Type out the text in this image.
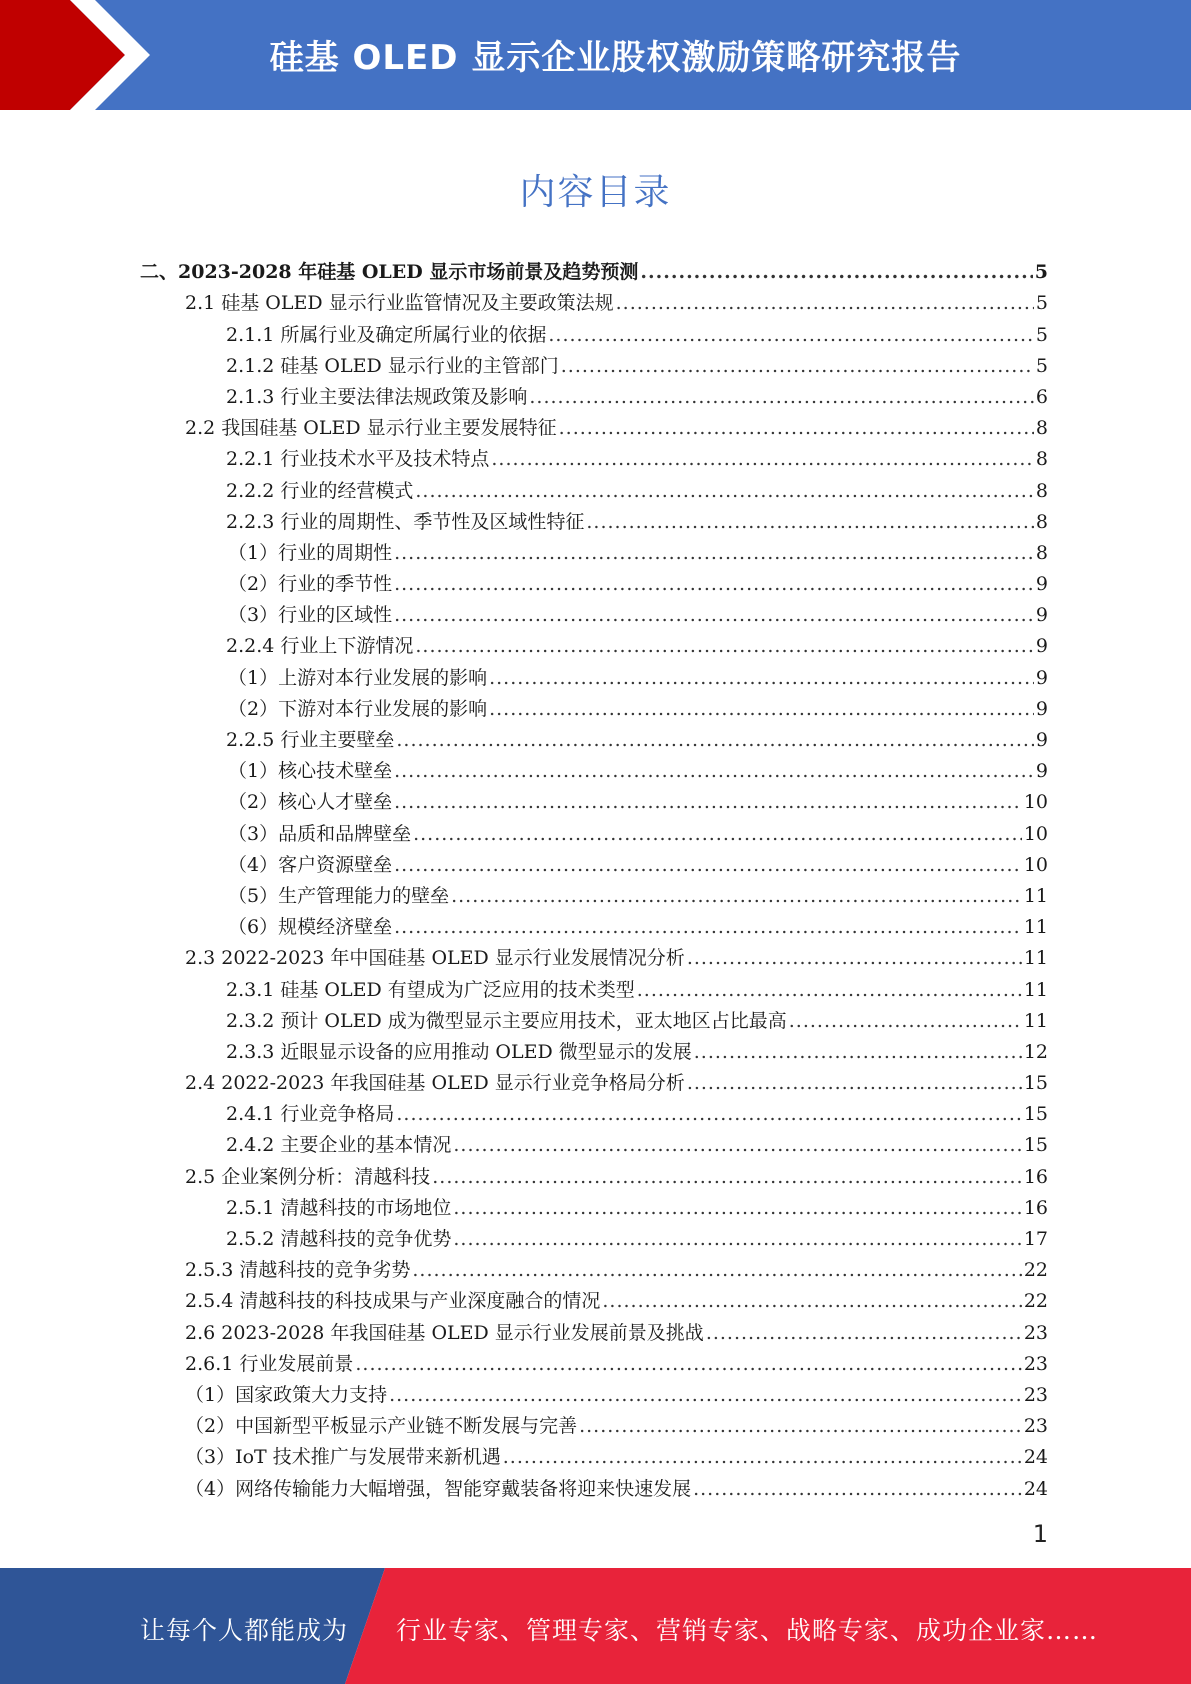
硅基 OLED 显示企业股权激励策略研究报告
内容目录
二、2023-2028 年硅基 OLED 显示市场前景及趋势预测 .....	5
2.1 硅基 OLED 显示行业监管情况及主要政策法规 .....	5
2.1.1 所属行业及确定所属行业的依据 .....	5
2.1.2 硅基 OLED 显示行业的主管部门 .....	5
2.1.3 行业主要法律法规政策及影响 .....	6
2.2 我国硅基 OLED 显示行业主要发展特征 .....	8
2.2.1 行业技术水平及技术特点 .....	8
2.2.2 行业的经营模式 .....	8
2.2.3 行业的周期性、季节性及区域性特征 .....	8
（1）行业的周期性 .....	8
（2）行业的季节性 .....	9
（3）行业的区域性 .....	9
2.2.4 行业上下游情况 .....	9
（1）上游对本行业发展的影响 .....	9
（2）下游对本行业发展的影响 .....	9
2.2.5 行业主要壁垒 .....	9
（1）核心技术壁垒 .....	9
（2）核心人才壁垒 .....	10
（3）品质和品牌壁垒 .....	10
（4）客户资源壁垒 .....	10
（5）生产管理能力的壁垒 .....	11
（6）规模经济壁垒 .....	11
2.3 2022-2023 年中国硅基 OLED 显示行业发展情况分析 .....	11
2.3.1 硅基 OLED 有望成为广泛应用的技术类型 .....	11
2.3.2 预计 OLED 成为微型显示主要应用技术，亚太地区占比最高 .....	11
2.3.3 近眼显示设备的应用推动 OLED 微型显示的发展 .....	12
2.4 2022-2023 年我国硅基 OLED 显示行业竞争格局分析 .....	15
2.4.1 行业竞争格局 .....	15
2.4.2 主要企业的基本情况 .....	15
2.5 企业案例分析：清越科技 .....	16
2.5.1 清越科技的市场地位 .....	16
2.5.2 清越科技的竞争优势 .....	17
2.5.3 清越科技的竞争劣势 .....	22
2.5.4 清越科技的科技成果与产业深度融合的情况 .....	22
2.6 2023-2028 年我国硅基 OLED 显示行业发展前景及挑战 .....	23
2.6.1 行业发展前景 .....	23
（1）国家政策大力支持 .....	23
（2）中国新型平板显示产业链不断发展与完善 .....	23
（3）IoT 技术推广与发展带来新机遇 .....	24
（4）网络传输能力大幅增强，智能穿戴装备将迎来快速发展 .....	24
1
让每个人都能成为 行业专家、管理专家、营销专家、战略专家、成功企业家……
